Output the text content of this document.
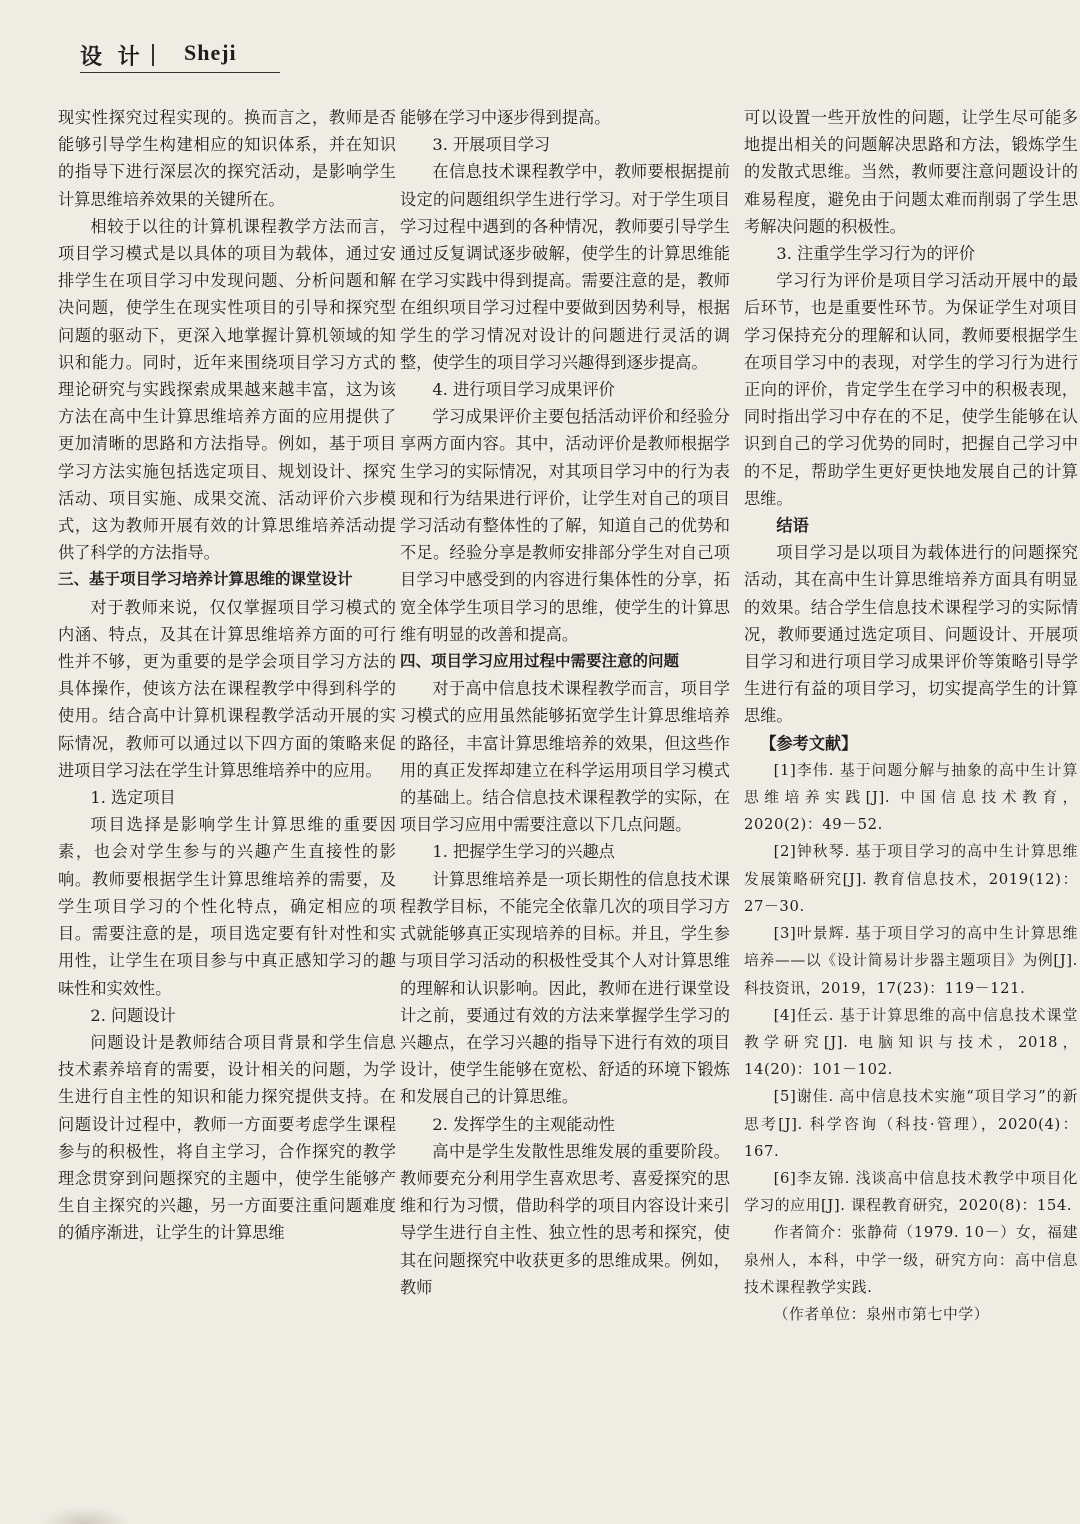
设 计 Sheji

现实性探究过程实现的。换而言之，教师是否能够引导学生构建相应的知识体系，并在知识的指导下进行深层次的探究活动，是影响学生计算思维培养效果的关键所在。

相较于以往的计算机课程教学方法而言，项目学习模式是以具体的项目为载体，通过安排学生在项目学习中发现问题、分析问题和解决问题，使学生在现实性项目的引导和探究型问题的驱动下，更深入地掌握计算机领域的知识和能力。同时，近年来围绕项目学习方式的理论研究与实践探索成果越来越丰富，这为该方法在高中生计算思维培养方面的应用提供了更加清晰的思路和方法指导。例如，基于项目学习方法实施包括选定项目、规划设计、探究活动、项目实施、成果交流、活动评价六步模式，这为教师开展有效的计算思维培养活动提供了科学的方法指导。

三、基于项目学习培养计算思维的课堂设计

对于教师来说，仅仅掌握项目学习模式的内涵、特点，及其在计算思维培养方面的可行性并不够，更为重要的是学会项目学习方法的具体操作，使该方法在课程教学中得到科学的使用。结合高中计算机课程教学活动开展的实际情况，教师可以通过以下四方面的策略来促进项目学习法在学生计算思维培养中的应用。

1. 选定项目

项目选择是影响学生计算思维的重要因素，也会对学生参与的兴趣产生直接性的影响。教师要根据学生计算思维培养的需要，及学生项目学习的个性化特点，确定相应的项目。需要注意的是，项目选定要有针对性和实用性，让学生在项目参与中真正感知学习的趣味性和实效性。

2. 问题设计

问题设计是教师结合项目背景和学生信息技术素养培育的需要，设计相关的问题，为学生进行自主性的知识和能力探究提供支持。在问题设计过程中，教师一方面要考虑学生课程参与的积极性，将自主学习，合作探究的教学理念贯穿到问题探究的主题中，使学生能够产生自主探究的兴趣，另一方面要注重问题难度的循序渐进，让学生的计算思维

能够在学习中逐步得到提高。

3. 开展项目学习

在信息技术课程教学中，教师要根据提前设定的问题组织学生进行学习。对于学生项目学习过程中遇到的各种情况，教师要引导学生通过反复调试逐步破解，使学生的计算思维能在学习实践中得到提高。需要注意的是，教师在组织项目学习过程中要做到因势利导，根据学生的学习情况对设计的问题进行灵活的调整，使学生的项目学习兴趣得到逐步提高。

4. 进行项目学习成果评价

学习成果评价主要包括活动评价和经验分享两方面内容。其中，活动评价是教师根据学生学习的实际情况，对其项目学习中的行为表现和行为结果进行评价，让学生对自己的项目学习活动有整体性的了解，知道自己的优势和不足。经验分享是教师安排部分学生对自己项目学习中感受到的内容进行集体性的分享，拓宽全体学生项目学习的思维，使学生的计算思维有明显的改善和提高。

四、项目学习应用过程中需要注意的问题

对于高中信息技术课程教学而言，项目学习模式的应用虽然能够拓宽学生计算思维培养的路径，丰富计算思维培养的效果，但这些作用的真正发挥却建立在科学运用项目学习模式的基础上。结合信息技术课程教学的实际，在项目学习应用中需要注意以下几点问题。

1. 把握学生学习的兴趣点

计算思维培养是一项长期性的信息技术课程教学目标，不能完全依靠几次的项目学习方式就能够真正实现培养的目标。并且，学生参与项目学习活动的积极性受其个人对计算思维的理解和认识影响。因此，教师在进行课堂设计之前，要通过有效的方法来掌握学生学习的兴趣点，在学习兴趣的指导下进行有效的项目设计，使学生能够在宽松、舒适的环境下锻炼和发展自己的计算思维。

2. 发挥学生的主观能动性

高中是学生发散性思维发展的重要阶段。教师要充分利用学生喜欢思考、喜爱探究的思维和行为习惯，借助科学的项目内容设计来引导学生进行自主性、独立性的思考和探究，使其在问题探究中收获更多的思维成果。例如，教师

可以设置一些开放性的问题，让学生尽可能多地提出相关的问题解决思路和方法，锻炼学生的发散式思维。当然，教师要注意问题设计的难易程度，避免由于问题太难而削弱了学生思考解决问题的积极性。

3. 注重学生学习行为的评价

学习行为评价是项目学习活动开展中的最后环节，也是重要性环节。为保证学生对项目学习保持充分的理解和认同，教师要根据学生在项目学习中的表现，对学生的学习行为进行正向的评价，肯定学生在学习中的积极表现，同时指出学习中存在的不足，使学生能够在认识到自己的学习优势的同时，把握自己学习中的不足，帮助学生更好更快地发展自己的计算思维。

结语

项目学习是以项目为载体进行的问题探究活动，其在高中生计算思维培养方面具有明显的效果。结合学生信息技术课程学习的实际情况，教师要通过选定项目、问题设计、开展项目学习和进行项目学习成果评价等策略引导学生进行有益的项目学习，切实提高学生的计算思维。

【参考文献】

[1]李伟. 基于问题分解与抽象的高中生计算思维培养实践[J]. 中国信息技术教育，2020(2)：49－52.

[2]钟秋琴. 基于项目学习的高中生计算思维发展策略研究[J]. 教育信息技术，2019(12)：27－30.

[3]叶景辉. 基于项目学习的高中生计算思维培养——以《设计简易计步器主题项目》为例[J]. 科技资讯，2019，17(23)：119－121.

[4]任云. 基于计算思维的高中信息技术课堂教学研究[J]. 电脑知识与技术，2018，14(20)：101－102.

[5]谢佳. 高中信息技术实施“项目学习”的新思考[J]. 科学咨询（科技·管理），2020(4)：167.

[6]李友锦. 浅谈高中信息技术教学中项目化学习的应用[J]. 课程教育研究，2020(8)：154.

作者简介：张静荷（1979. 10－）女，福建泉州人，本科，中学一级，研究方向：高中信息技术课程教学实践.

（作者单位：泉州市第七中学）
